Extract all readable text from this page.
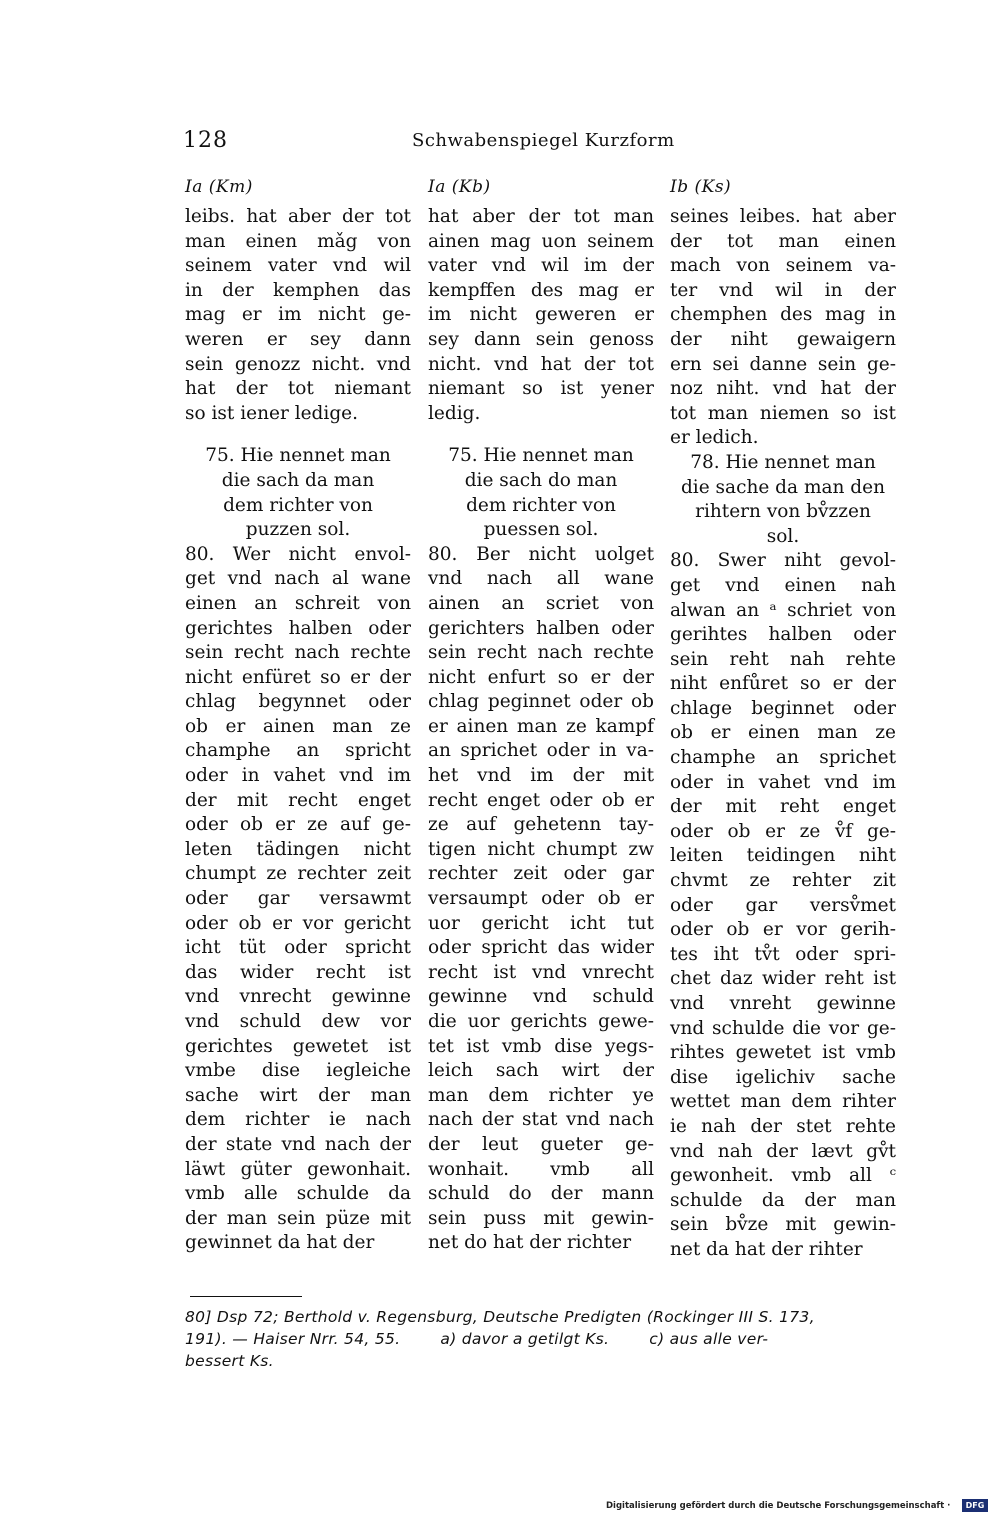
128	Schwabenspiegel Kurzform
Ia (Km)
leibs. hat aber der tot
man einen mǎg von
seinem vater vnd wil
in der kemphen das
mag er im nicht ge-
weren er sey dann
sein genozz nicht. vnd
hat der tot niemant
so ist iener ledige.
75. Hie nennet man
die sach da man
dem richter von
puzzen sol.
80. Wer nicht envol-
get vnd nach al wane
einen an schreit von
gerichtes halben oder
sein recht nach rechte
nicht enfüret so er der
chlag begynnet oder
ob er ainen man ze
champhe an spricht
oder in vahet vnd im
der mit recht enget
oder ob er ze auf ge-
leten tädingen nicht
chumpt ze rechter zeit
oder gar versawmt
oder ob er vor gericht
icht tüt oder spricht
das wider recht ist
vnd vnrecht gewinne
vnd schuld dew vor
gerichtes gewetet ist
vmbe dise iegleiche
sache wirt der man
dem richter ie nach
der state vnd nach der
läwt güter gewonhait.
vmb alle schulde da
der man sein püze mit
gewinnet da hat der
Ia (Kb)
hat aber der tot man
ainen mag uon seinem
vater vnd wil im der
kempffen des mag er
im nicht geweren er
sey dann sein genoss
nicht. vnd hat der tot
niemant so ist yener
ledig.
75. Hie nennet man
die sach do man
dem richter von
puessen sol.
80. Ber nicht uolget
vnd nach all wane
ainen an scriet von
gerichters halben oder
sein recht nach rechte
nicht enfurt so er der
chlag peginnet oder ob
er ainen man ze kampf
an sprichet oder in va-
het vnd im der mit
recht enget oder ob er
ze auf gehetenn tay-
tigen nicht chumpt zw
rechter zeit oder gar
versaumpt oder ob er
uor gericht icht tut
oder spricht das wider
recht ist vnd vnrecht
gewinne vnd schuld
die uor gerichts gewe-
tet ist vmb dise yegs-
leich sach wirt der
man dem richter ye
nach der stat vnd nach
der leut gueter ge-
wonhait. vmb all
schuld do der mann
sein puss mit gewin-
net do hat der richter
Ib (Ks)
seines leibes. hat aber
der tot man einen
mach von seinem va-
ter vnd wil in der
chemphen des mag in
der niht gewaigern
ern sei danne sein ge-
noz niht. vnd hat der
tot man niemen so ist
er ledich.
78. Hie nennet man
die sache da man den
rihtern von bv̊zzen
sol.
80. Swer niht gevol-
get vnd einen nah
alwan an ᵃ schriet von
gerihtes halben oder
sein reht nah rehte
niht enfůret so er der
chlage beginnet oder
ob er einen man ze
champhe an sprichet
oder in vahet vnd im
der mit reht enget
oder ob er ze v̊f ge-
leiten teidingen niht
chvmt ze rehter zit
oder gar versv̊met
oder ob er vor gerih-
tes iht tv̊t oder spri-
chet daz wider reht ist
vnd vnreht gewinne
vnd schulde die vor ge-
rihtes gewetet ist vmb
dise igelichiv sache
wettet man dem rihter
ie nah der stet rehte
vnd nah der lævt gv̊t
gewonheit. vmb all ᶜ
schulde da der man
sein bv̊ze mit gewin-
net da hat der rihter
80] Dsp 72; Berthold v. Regensburg, Deutsche Predigten (Rockinger III S. 173,
191). — Haiser Nrr. 54, 55.	a) davor a getilgt Ks.	c) aus alle ver-
bessert Ks.
Digitalisierung gefördert durch die Deutsche Forschungsgemeinschaft ·	DFG
